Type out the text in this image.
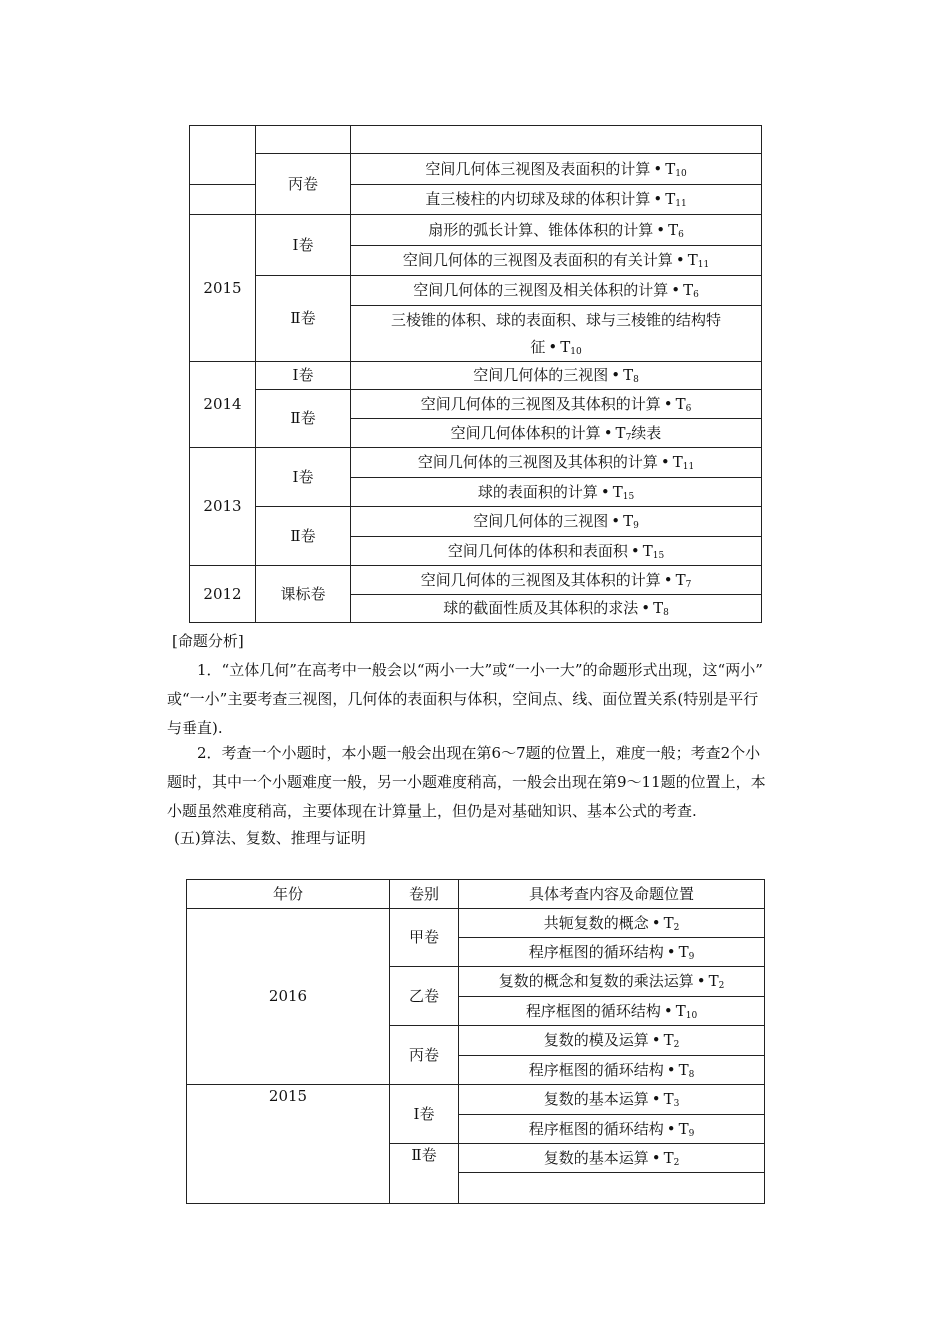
	丙卷	空间几何体三视图及表面积的计算 • $T_{10}$
		直三棱柱的内切球及球的体积计算 • $T_{11}$
2015	Ⅰ卷	扇形的弧长计算、锥体体积的计算 • $T_6$
		空间几何体的三视图及表面积的有关计算 • $T_{11}$
	Ⅱ卷	空间几何体的三视图及相关体积的计算 • $T_6$
		三棱锥的体积、球的表面积、球与三棱锥的结构特
征 • $T_{10}$
2014	Ⅰ卷	空间几何体的三视图 • $T_8$
	Ⅱ卷	空间几何体的三视图及其体积的计算 • $T_6$
		空间几何体体积的计算 • $T_7$续表
2013	Ⅰ卷	空间几何体的三视图及其体积的计算 • $T_{11}$
		球的表面积的计算 • $T_{15}$
	Ⅱ卷	空间几何体的三视图 • $T_9$
		空间几何体的体积和表面积 • $T_{15}$
2012	课标卷	空间几何体的三视图及其体积的计算 • $T_7$
		球的截面性质及其体积的求法 • $T_8$
[命题分析]
1．“立体几何”在高考中一般会以“两小一大”或“一小一大”的命题形式出现，这“两小”
或“一小”主要考查三视图，几何体的表面积与体积，空间点、线、面位置关系(特别是平行
与垂直).
2．考查一个小题时，本小题一般会出现在第6～7题的位置上，难度一般；考查2个小
题时，其中一个小题难度一般，另一小题难度稍高，一般会出现在第9～11题的位置上，本
小题虽然难度稍高，主要体现在计算量上，但仍是对基础知识、基本公式的考查.
(五)算法、复数、推理与证明
年份	卷别	具体考查内容及命题位置
2016	甲卷	共轭复数的概念 • $T_2$
		程序框图的循环结构 • $T_9$
	乙卷	复数的概念和复数的乘法运算 • $T_2$
		程序框图的循环结构 • $T_{10}$
	丙卷	复数的模及运算 • $T_2$
		程序框图的循环结构 • $T_8$
2015	Ⅰ卷	复数的基本运算 • $T_3$
		程序框图的循环结构 • $T_9$
	Ⅱ卷	复数的基本运算 • $T_2$
